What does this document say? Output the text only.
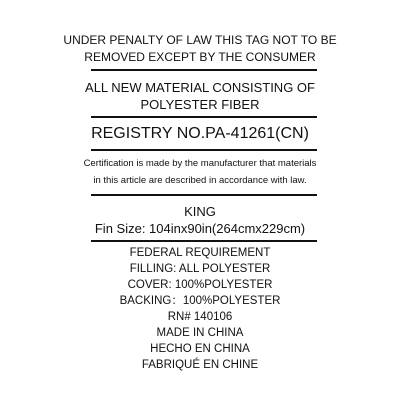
UNDER PENALTY OF LAW THIS TAG NOT TO BE
REMOVED EXCEPT BY THE CONSUMER
ALL NEW MATERIAL CONSISTING OF
POLYESTER FIBER
REGISTRY NO.PA-41261(CN)
Certification is made by the manufacturer that materials
in this article are described in accordance with law.
KING
Fin Size: 104inx90in(264cmx229cm)
FEDERAL REQUIREMENT
FILLING: ALL POLYESTER
COVER: 100%POLYESTER
BACKING：100%POLYESTER
RN# 140106
MADE IN CHINA
HECHO EN CHINA
FABRIQUÉ EN CHINE
